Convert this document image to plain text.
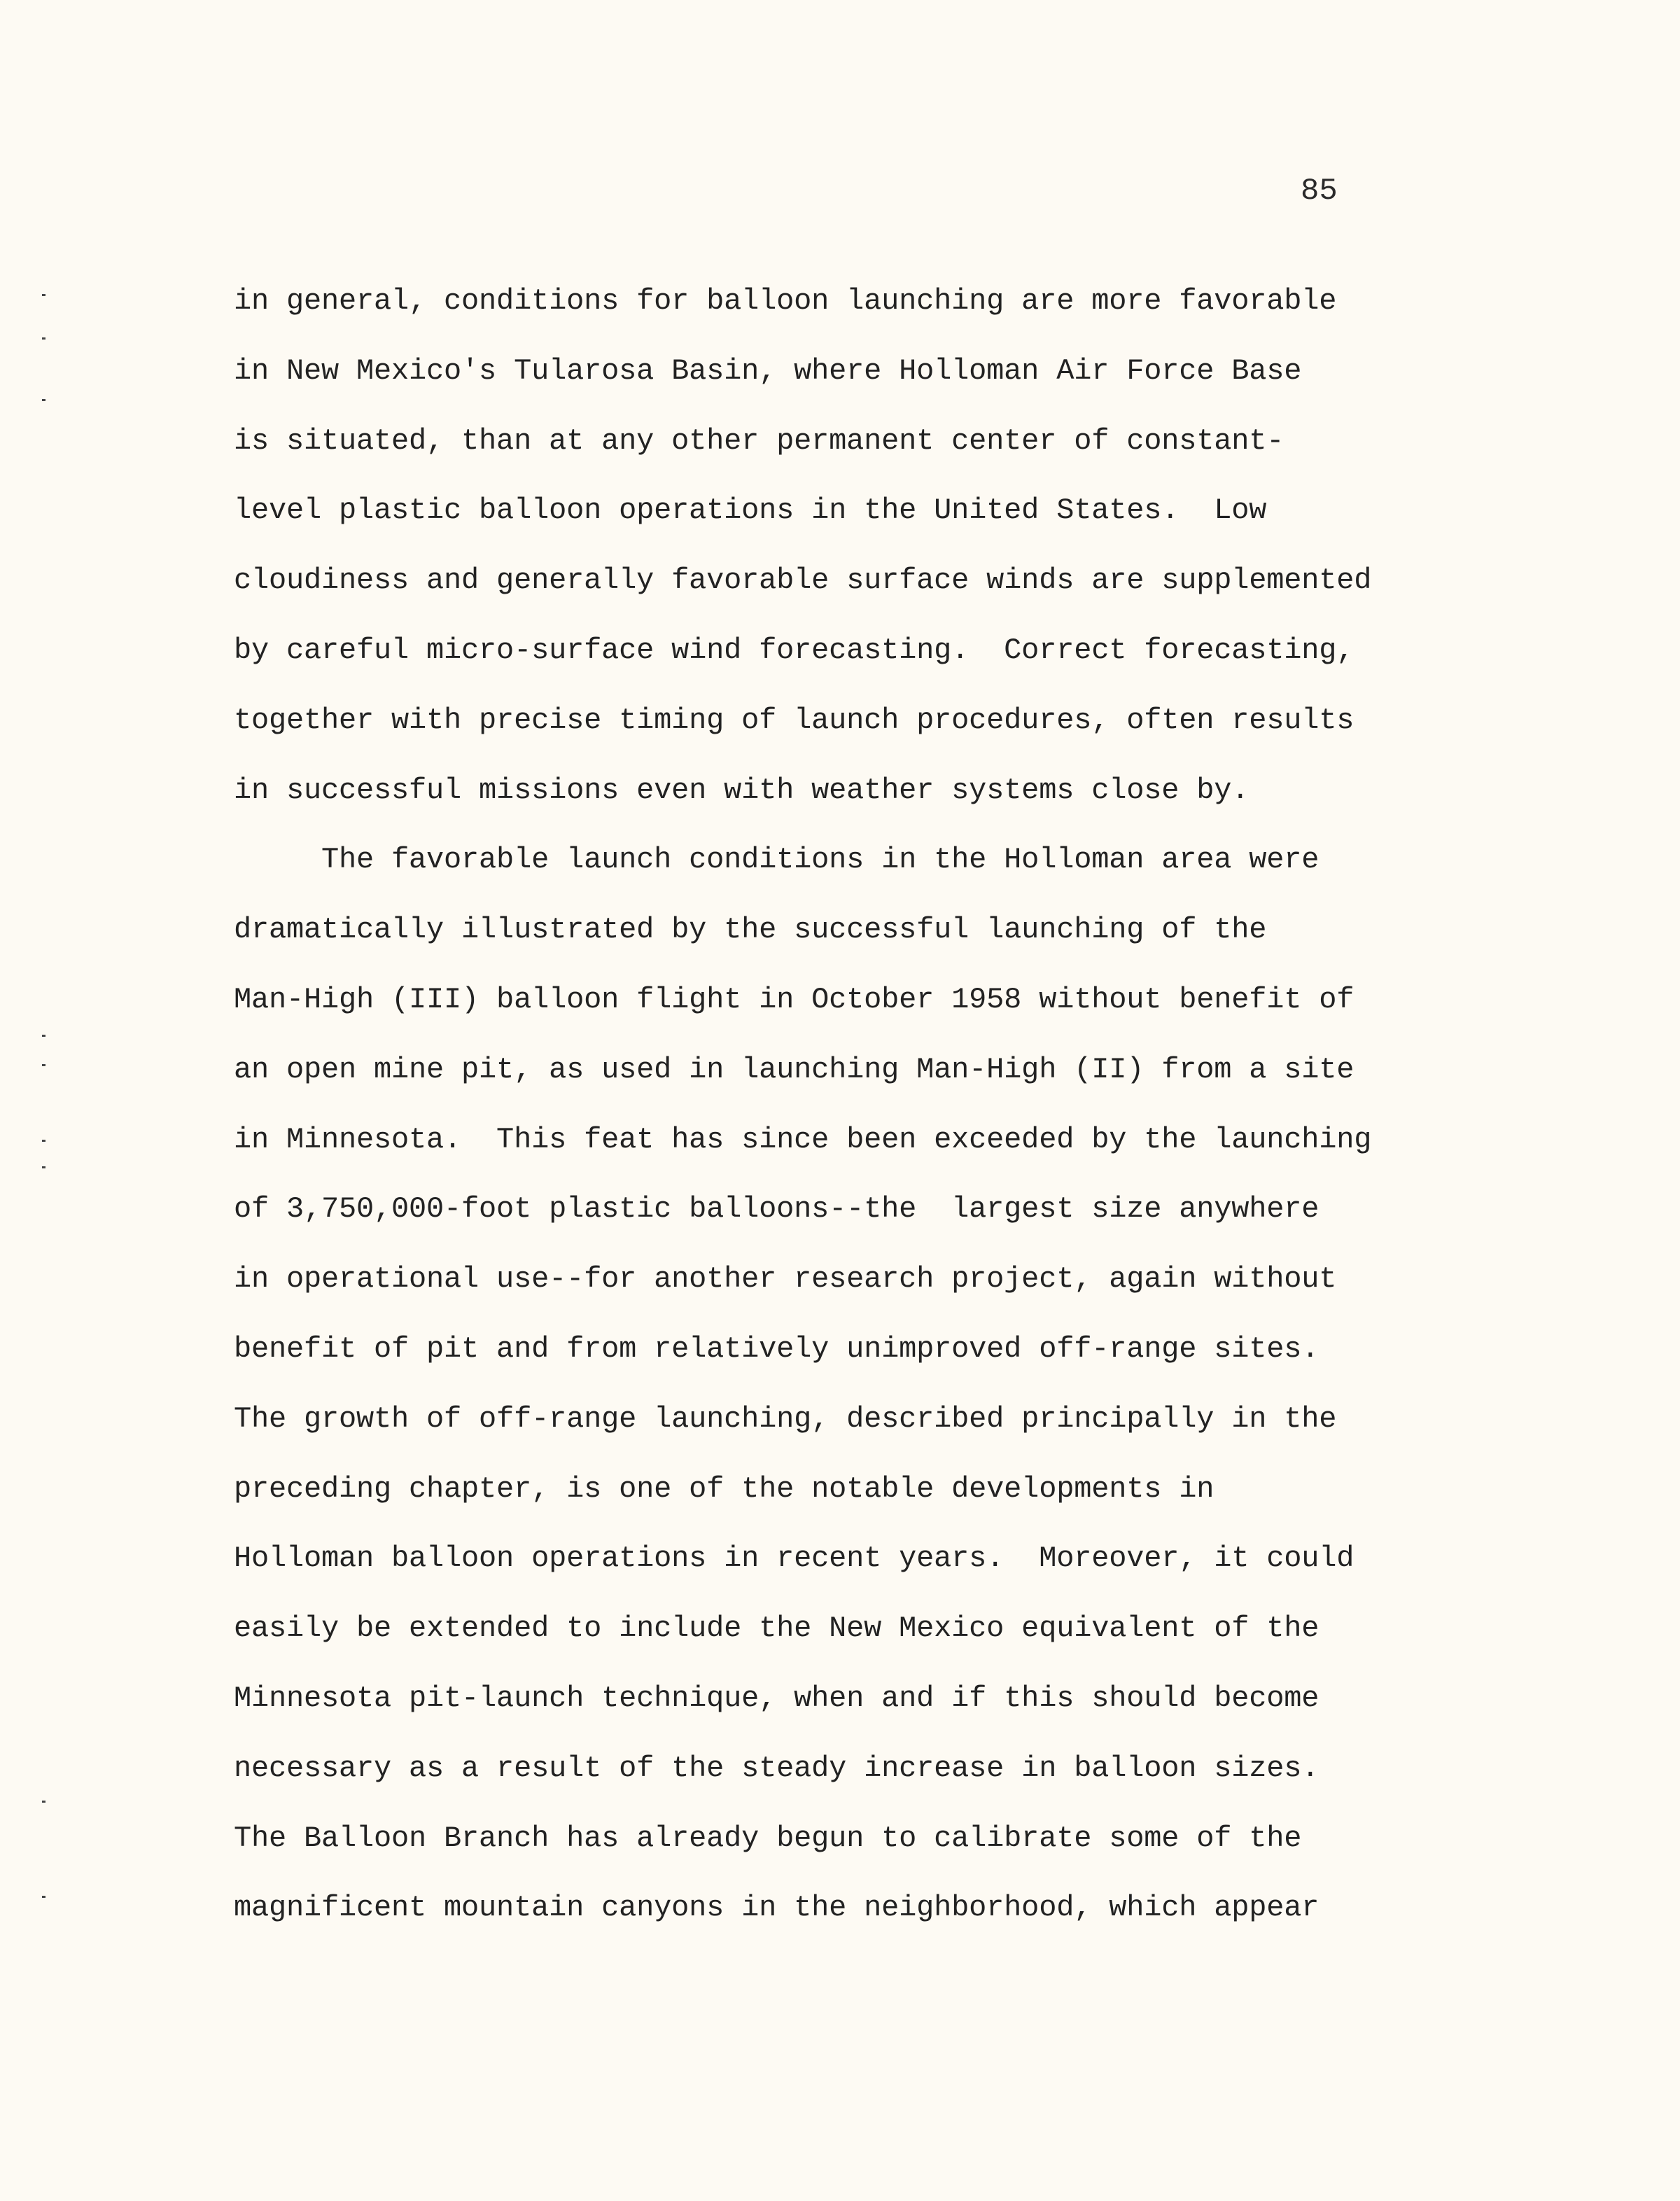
85
in general, conditions for balloon launching are more favorable
in New Mexico's Tularosa Basin, where Holloman Air Force Base
is situated, than at any other permanent center of constant-
level plastic balloon operations in the United States.  Low
cloudiness and generally favorable surface winds are supplemented
by careful micro-surface wind forecasting.  Correct forecasting,
together with precise timing of launch procedures, often results
in successful missions even with weather systems close by.
The favorable launch conditions in the Holloman area were
dramatically illustrated by the successful launching of the
Man-High (III) balloon flight in October 1958 without benefit of
an open mine pit, as used in launching Man-High (II) from a site
in Minnesota.  This feat has since been exceeded by the launching
of 3,750,000-foot plastic balloons--the  largest size anywhere
in operational use--for another research project, again without
benefit of pit and from relatively unimproved off-range sites.
The growth of off-range launching, described principally in the
preceding chapter, is one of the notable developments in
Holloman balloon operations in recent years.  Moreover, it could
easily be extended to include the New Mexico equivalent of the
Minnesota pit-launch technique, when and if this should become
necessary as a result of the steady increase in balloon sizes.
The Balloon Branch has already begun to calibrate some of the
magnificent mountain canyons in the neighborhood, which appear
